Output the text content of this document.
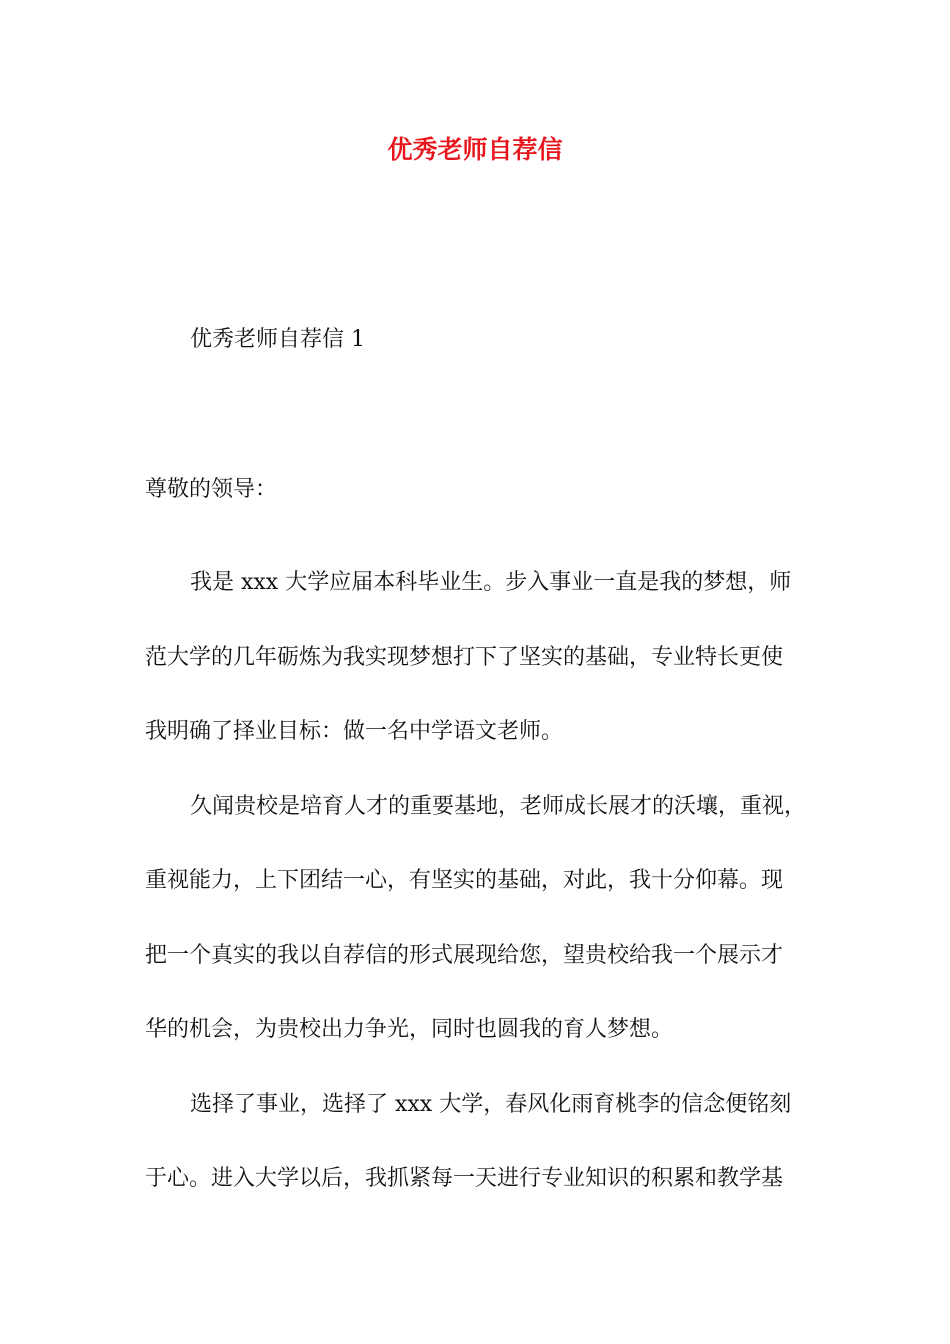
优秀老师自荐信
优秀老师自荐信 1
尊敬的领导：

我是 xxx 大学应届本科毕业生。步入事业一直是我的梦想，师
范大学的几年砺炼为我实现梦想打下了坚实的基础，专业特长更使
我明确了择业目标：做一名中学语文老师。

久闻贵校是培育人才的重要基地，老师成长展才的沃壤，重视，
重视能力，上下团结一心，有坚实的基础，对此，我十分仰幕。现
把一个真实的我以自荐信的形式展现给您，望贵校给我一个展示才
华的机会，为贵校出力争光，同时也圆我的育人梦想。

选择了事业，选择了 xxx 大学，春风化雨育桃李的信念便铭刻
于心。进入大学以后，我抓紧每一天进行专业知识的积累和教学基
